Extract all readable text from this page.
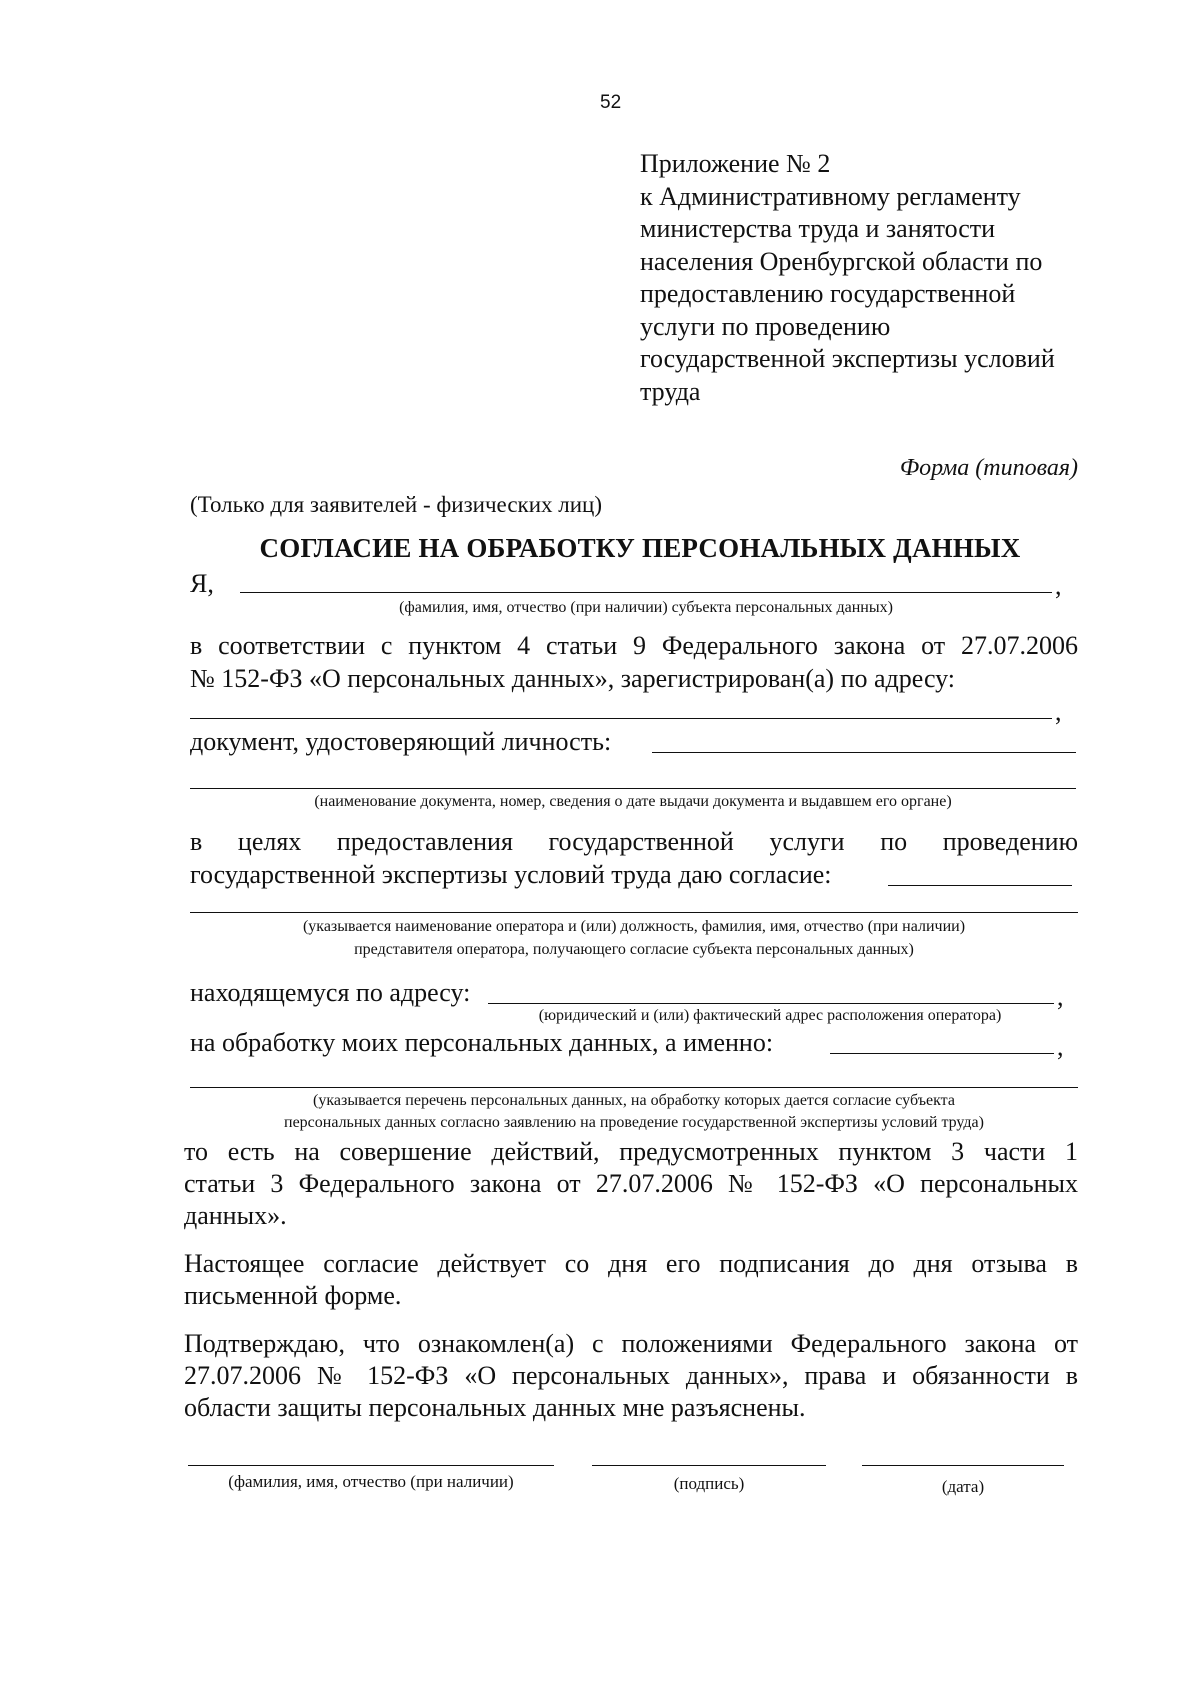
52
Приложение № 2
к Административному регламенту
министерства труда и занятости
населения Оренбургской области по
предоставлению государственной
услуги по проведению
государственной экспертизы условий
труда
Форма (типовая)
(Только для заявителей - физических лиц)
СОГЛАСИЕ НА ОБРАБОТКУ ПЕРСОНАЛЬНЫХ ДАННЫХ
Я,	,
(фамилия, имя, отчество (при наличии) субъекта персональных данных)
в соответствии с пунктом 4 статьи 9 Федерального закона от 27.07.2006
№ 152-ФЗ «О персональных данных», зарегистрирован(а) по адресу:
,
документ, удостоверяющий личность:
(наименование документа, номер, сведения о дате выдачи документа и выдавшем его органе)
в целях предоставления государственной услуги по проведению
государственной экспертизы условий труда даю согласие:
(указывается наименование оператора и (или) должность, фамилия, имя, отчество (при наличии)
представителя оператора, получающего согласие субъекта персональных данных)
находящемуся по адресу:	,
(юридический и (или) фактический адрес расположения оператора)
на обработку моих персональных данных, а именно:	,
(указывается перечень персональных данных, на обработку которых дается согласие субъекта
персональных данных согласно заявлению на проведение государственной экспертизы условий труда)
то есть на совершение действий, предусмотренных пунктом 3 части 1
статьи 3 Федерального закона от 27.07.2006 № 152-ФЗ «О персональных
данных».
Настоящее согласие действует со дня его подписания до дня отзыва в
письменной форме.
Подтверждаю, что ознакомлен(а) с положениями Федерального закона от
27.07.2006 № 152-ФЗ «О персональных данных», права и обязанности в
области защиты персональных данных мне разъяснены.
(фамилия, имя, отчество (при наличии)	(подпись)	(дата)
